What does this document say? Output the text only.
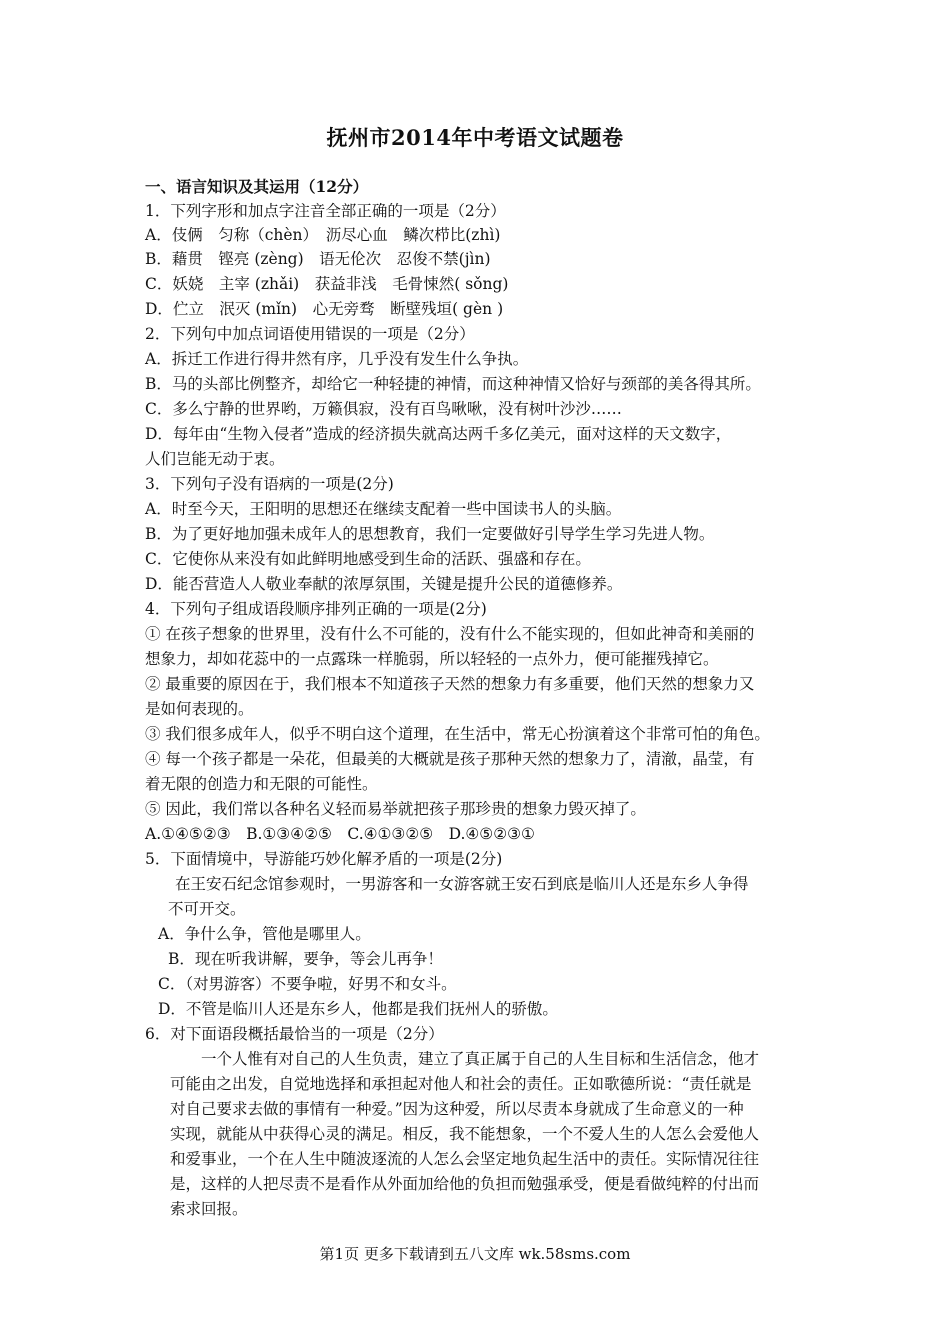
抚州市2014年中考语文试题卷
一、语言知识及其运用（12分）
1．下列字形和加点字注音全部正确的一项是（2分）
A．伎俩　匀称（chèn）　沥尽心血　鳞次栉比(zhì)
B．藉贯　铿亮 (zèng)　语无伦次　忍俊不禁(jìn)
C．妖娆　主宰 (zhǎi)　获益非浅　毛骨悚然( sǒng)
D．伫立　泯灭 (mǐn)　心无旁骛　断壁残垣( gèn )
2．下列句中加点词语使用错误的一项是（2分）
A．拆迁工作进行得井然有序，几乎没有发生什么争执。
B．马的头部比例整齐，却给它一种轻捷的神情，而这种神情又恰好与颈部的美各得其所。
C．多么宁静的世界哟，万籁俱寂，没有百鸟啾啾，没有树叶沙沙……
D．每年由“生物入侵者”造成的经济损失就高达两千多亿美元，面对这样的天文数字，
人们岂能无动于衷。
3．下列句子没有语病的一项是(2分)
A．时至今天，王阳明的思想还在继续支配着一些中国读书人的头脑。
B．为了更好地加强未成年人的思想教育，我们一定要做好引导学生学习先进人物。
C．它使你从来没有如此鲜明地感受到生命的活跃、强盛和存在。
D．能否营造人人敬业奉献的浓厚氛围，关键是提升公民的道德修养。
4．下列句子组成语段顺序排列正确的一项是(2分)
① 在孩子想象的世界里，没有什么不可能的，没有什么不能实现的，但如此神奇和美丽的
想象力，却如花蕊中的一点露珠一样脆弱，所以轻轻的一点外力，便可能摧残掉它。
② 最重要的原因在于，我们根本不知道孩子天然的想象力有多重要，他们天然的想象力又
是如何表现的。
③ 我们很多成年人，似乎不明白这个道理，在生活中，常无心扮演着这个非常可怕的角色。
④ 每一个孩子都是一朵花，但最美的大概就是孩子那种天然的想象力了，清澈，晶莹，有
着无限的创造力和无限的可能性。
⑤ 因此，我们常以各种名义轻而易举就把孩子那珍贵的想象力毁灭掉了。
A.①④⑤②③　B.①③④②⑤　C.④①③②⑤　D.④⑤②③①
5．下面情境中，导游能巧妙化解矛盾的一项是(2分)
在王安石纪念馆参观时，一男游客和一女游客就王安石到底是临川人还是东乡人争得
不可开交。
A．争什么争，管他是哪里人。
B．现在听我讲解，要争，等会儿再争！
C．（对男游客）不要争啦，好男不和女斗。
D．不管是临川人还是东乡人，他都是我们抚州人的骄傲。
6．对下面语段概括最恰当的一项是（2分）
一个人惟有对自己的人生负责，建立了真正属于自己的人生目标和生活信念，他才
可能由之出发，自觉地选择和承担起对他人和社会的责任。正如歌德所说：“责任就是
对自己要求去做的事情有一种爱。”因为这种爱，所以尽责本身就成了生命意义的一种
实现，就能从中获得心灵的满足。相反，我不能想象，一个不爱人生的人怎么会爱他人
和爱事业，一个在人生中随波逐流的人怎么会坚定地负起生活中的责任。实际情况往往
是，这样的人把尽责不是看作从外面加给他的负担而勉强承受，便是看做纯粹的付出而
索求回报。
第1页 更多下载请到五八文库 wk.58sms.com
